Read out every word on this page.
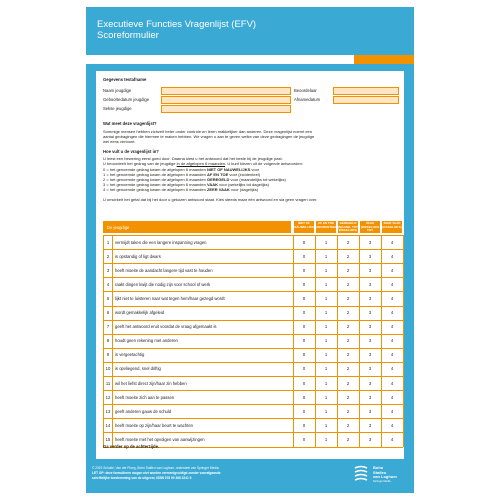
Executieve Functies Vragenlijst (EFV)
Scoreformulier
Gegevens testafname
Naam jeugdige
Geboortedatum jeugdige
Sekse jeugdige
Beoordelaar
Afnamedatum
Wat meet deze vragenlijst?
Sommige mensen hebben zichzelf beter onder controle en leren makkelijker dan anderen. Deze vragenlijst noemt een
aantal gedragingen die hiermee te maken hebben. We vragen u aan te geven welke van deze gedragingen de jeugdige
wel eens vertoont.
Hoe vult u de vragenlijst in?
U leest een bewering eerst goed door. Daarna kiest u het antwoord dat het beste bij de jeugdige past.
U beoordeelt het gedrag van de jeugdige in de afgelopen 6 maanden. U kunt kiezen uit de volgende antwoorden:
0 = het genoemde gedrag kwam de afgelopen 6 maanden NIET OF NAUWELIJKS voor
1 = het genoemde gedrag kwam de afgelopen 6 maanden AF EN TOE voor (incidenteel)
2 = het genoemde gedrag kwam de afgelopen 6 maanden GEREGELD voor (maandelijks tot wekelijks)
3 = het genoemde gedrag kwam de afgelopen 6 maanden VAAK voor (wekelijks tot dagelijks)
4 = het genoemde gedrag kwam de afgelopen 6 maanden ZEER VAAK voor (dagelijks)
U omcirkelt het getal dat bij het door u gekozen antwoord staat. Kies steeds maar één antwoord en sla geen vragen over.
De jeugdige
NIET OF NAUWELIJKS
AF EN TOE (INCIDENTEEL)
GEREGELD (MAAND. TOT WEKELIJKS)
VAAK (WEKELIJKS TOT DAGELIJKS)
ZEER VAAK (DAGELIJKS)
1	vermijdt taken die een langere inspanning vragen	0	1	2	3	4
2	is opstandig of ligt dwars	0	1	2	3	4
3	heeft moeite de aandacht langere tijd vast te houden	0	1	2	3	4
4	raakt dingen kwijt die nodig zijn voor school of werk	0	1	2	3	4
5	lijkt niet te luisteren naar wat tegen hem/haar gezegd wordt	0	1	2	3	4
6	wordt gemakkelijk afgeleid	0	1	2	3	4
7	geeft het antwoord eruit voordat de vraag afgemaakt is	0	1	2	3	4
8	houdt geen rekening met anderen	0	1	2	3	4
9	is vergeetachtig	0	1	2	3	4
10	is opvliegend, snel driftig	0	1	2	3	4
11	wil het liefst direct zijn/haar zin hebben	0	1	2	3	4
12	heeft moeite zich aan te passen	0	1	2	3	4
13	geeft anderen gauw de schuld	0	1	2	3	4
14	heeft moeite op zijn/haar beurt te wachten	0	1	2	3	4
15	heeft moeite met het opvolgen van aanwijzingen	0	1	2	3	4
Ga verder op de achterzijde.
© 2019 Scholte, Van der Ploeg, Bohn Stafleu van Loghum, onderdeel van Springer Media.
LET OP: deze formulieren mogen niet worden vermenigvuldigd zonder voorafgaande
schriftelijke toestemming van de uitgever, ISBN 978 90 368 2241 5
Bohn
Stafleu
van Loghum
Springer Media
